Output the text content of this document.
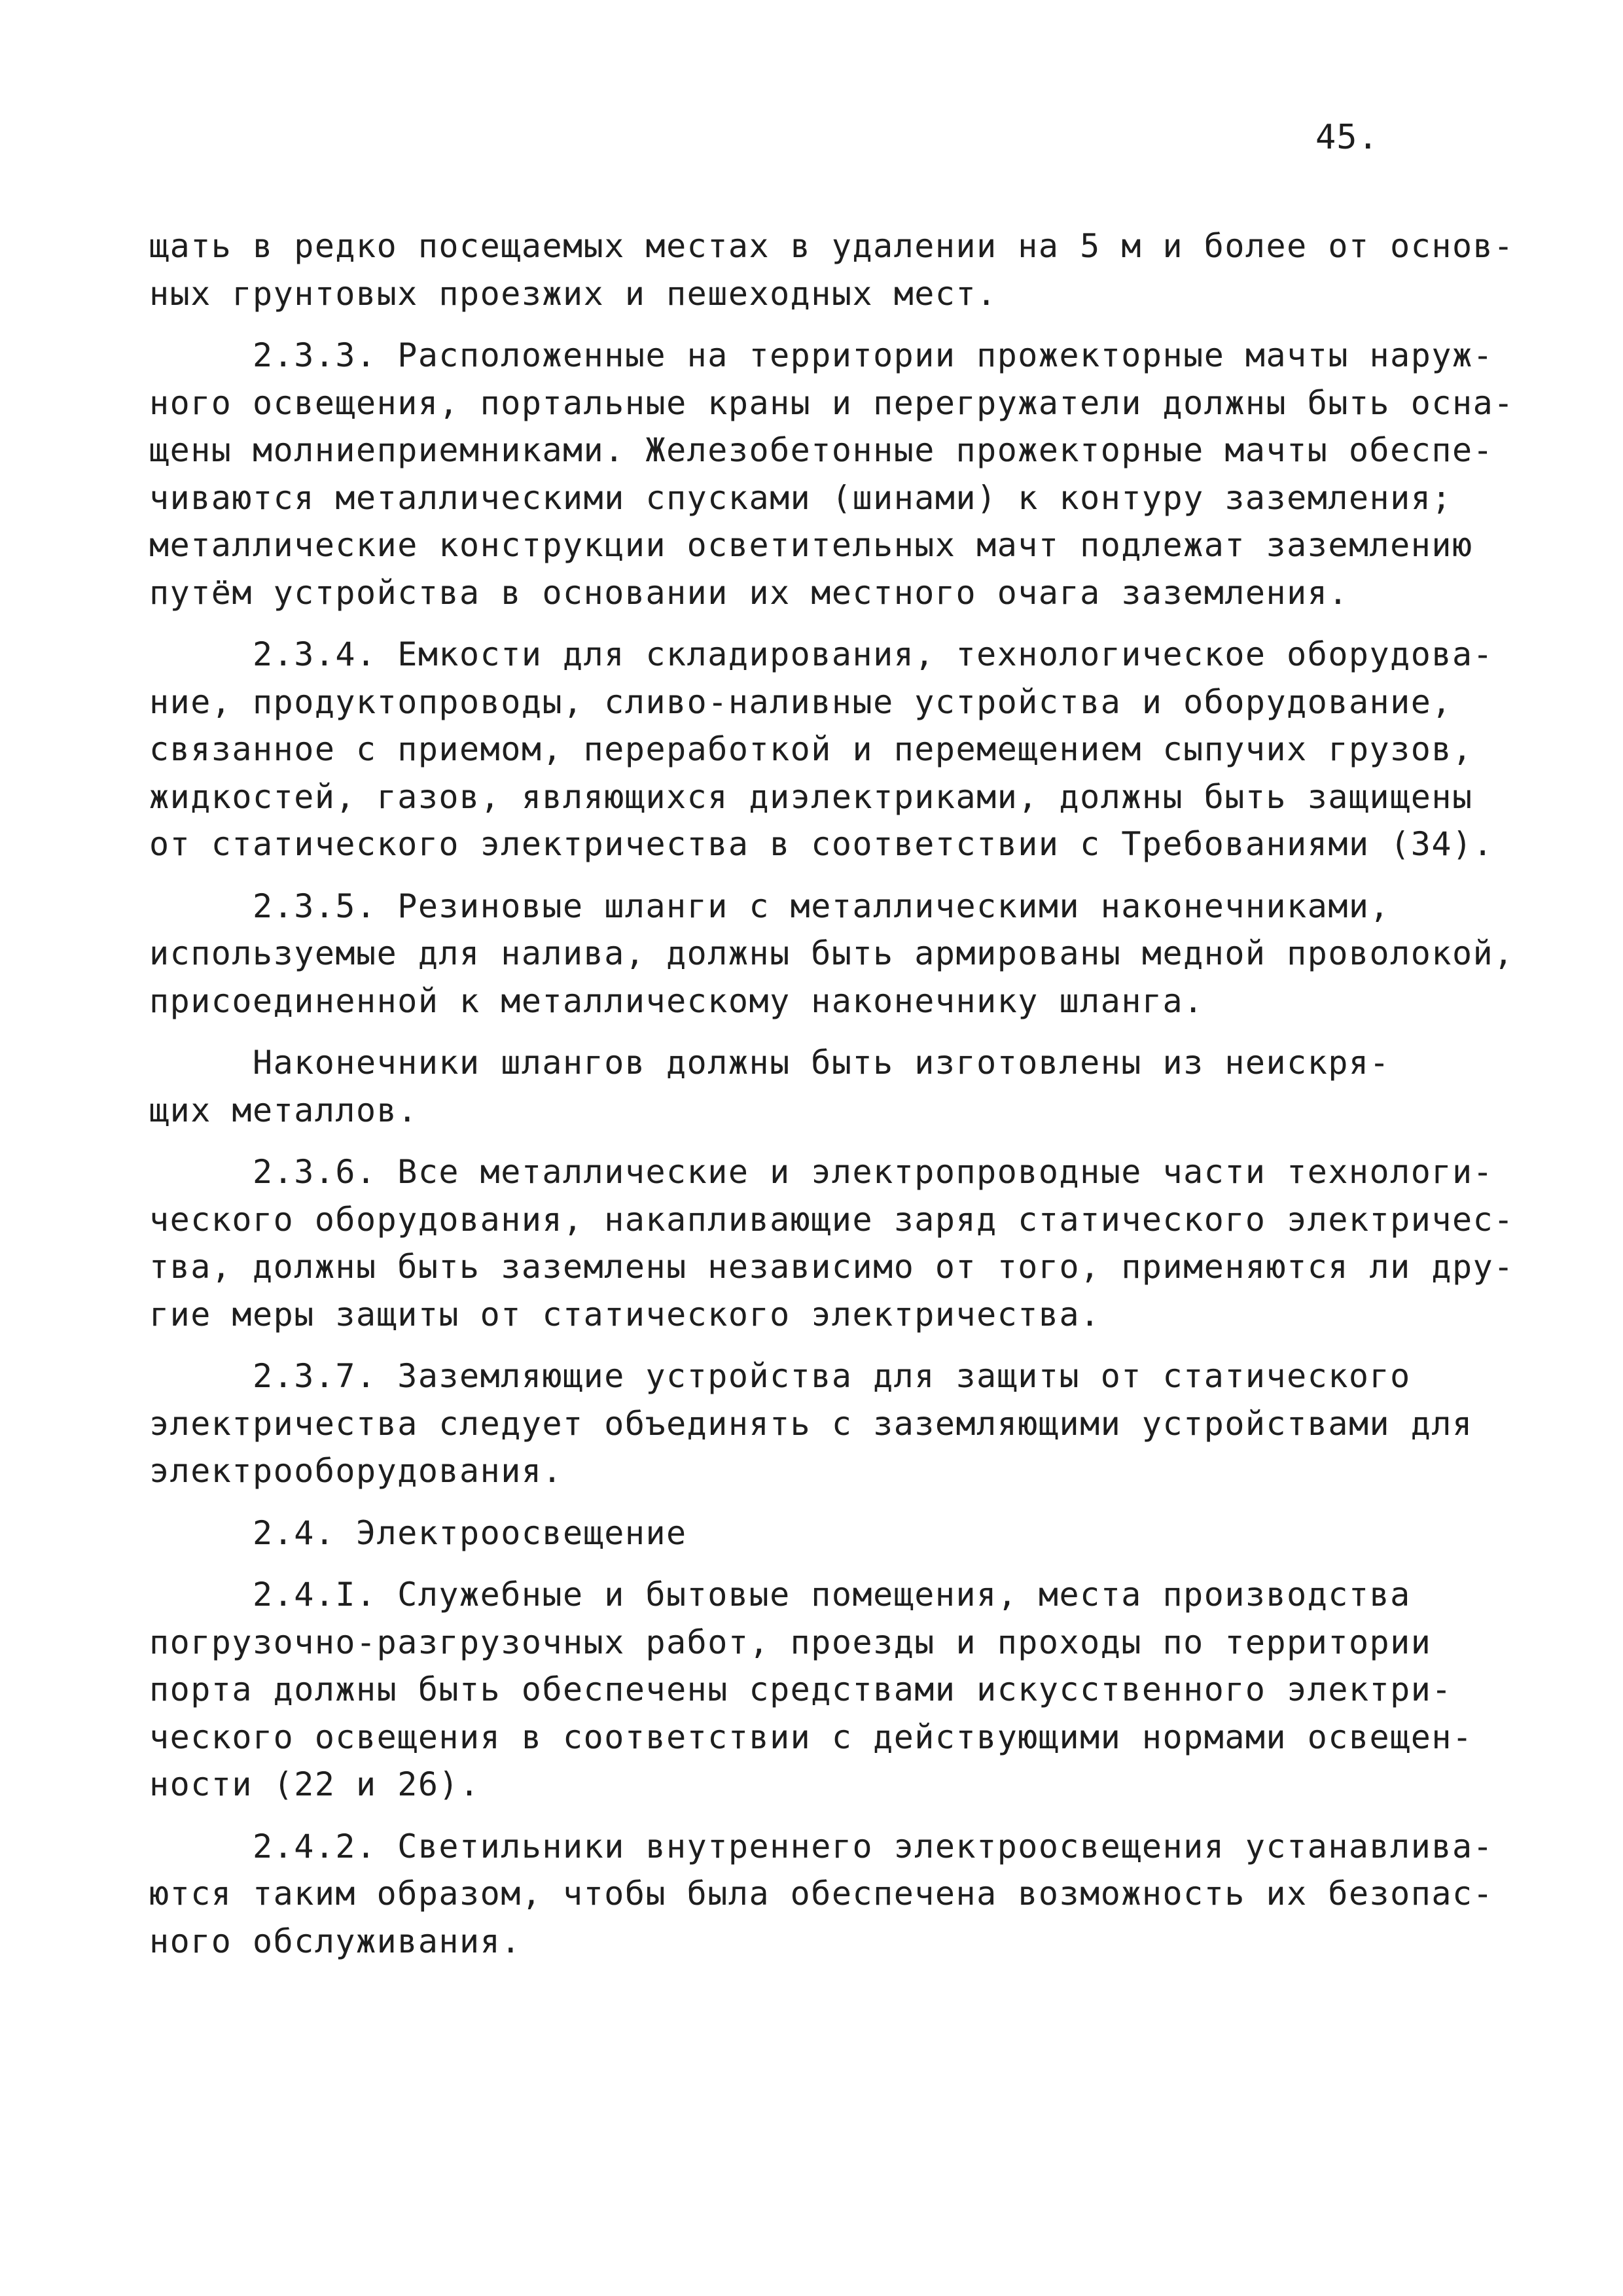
45.
щать в редко посещаемых местах в удалении на 5 м и более от основ-
ных грунтовых проезжих и пешеходных мест.
2.3.3. Расположенные на территории прожекторные мачты наруж-
ного освещения, портальные краны и перегружатели должны быть осна-
щены молниеприемниками. Железобетонные прожекторные мачты обеспе-
чиваются металлическими спусками (шинами) к контуру заземления;
металлические конструкции осветительных мачт подлежат заземлению
путём устройства в основании их местного очага заземления.
2.3.4. Емкости для складирования, технологическое оборудова-
ние, продуктопроводы, сливо-наливные устройства и оборудование,
связанное с приемом, переработкой и перемещением сыпучих грузов,
жидкостей, газов, являющихся диэлектриками, должны быть защищены
от статического электричества в соответствии с Требованиями (34).
2.3.5. Резиновые шланги с металлическими наконечниками,
используемые для налива, должны быть армированы медной проволокой,
присоединенной к металлическому наконечнику шланга.
Наконечники шлангов должны быть изготовлены из неискря-
щих металлов.
2.3.6. Все металлические и электропроводные части технологи-
ческого оборудования, накапливающие заряд статического электричес-
тва, должны быть заземлены независимо от того, применяются ли дру-
гие меры защиты от статического электричества.
2.3.7. Заземляющие устройства для защиты от статического
электричества следует объединять с заземляющими устройствами для
электрооборудования.
2.4. Электроосвещение
2.4.I. Служебные и бытовые помещения, места производства
погрузочно-разгрузочных работ, проезды и проходы по территории
порта должны быть обеспечены средствами искусственного электри-
ческого освещения в соответствии с действующими нормами освещен-
ности (22 и 26).
2.4.2. Светильники внутреннего электроосвещения устанавлива-
ются таким образом, чтобы была обеспечена возможность их безопас-
ного обслуживания.
